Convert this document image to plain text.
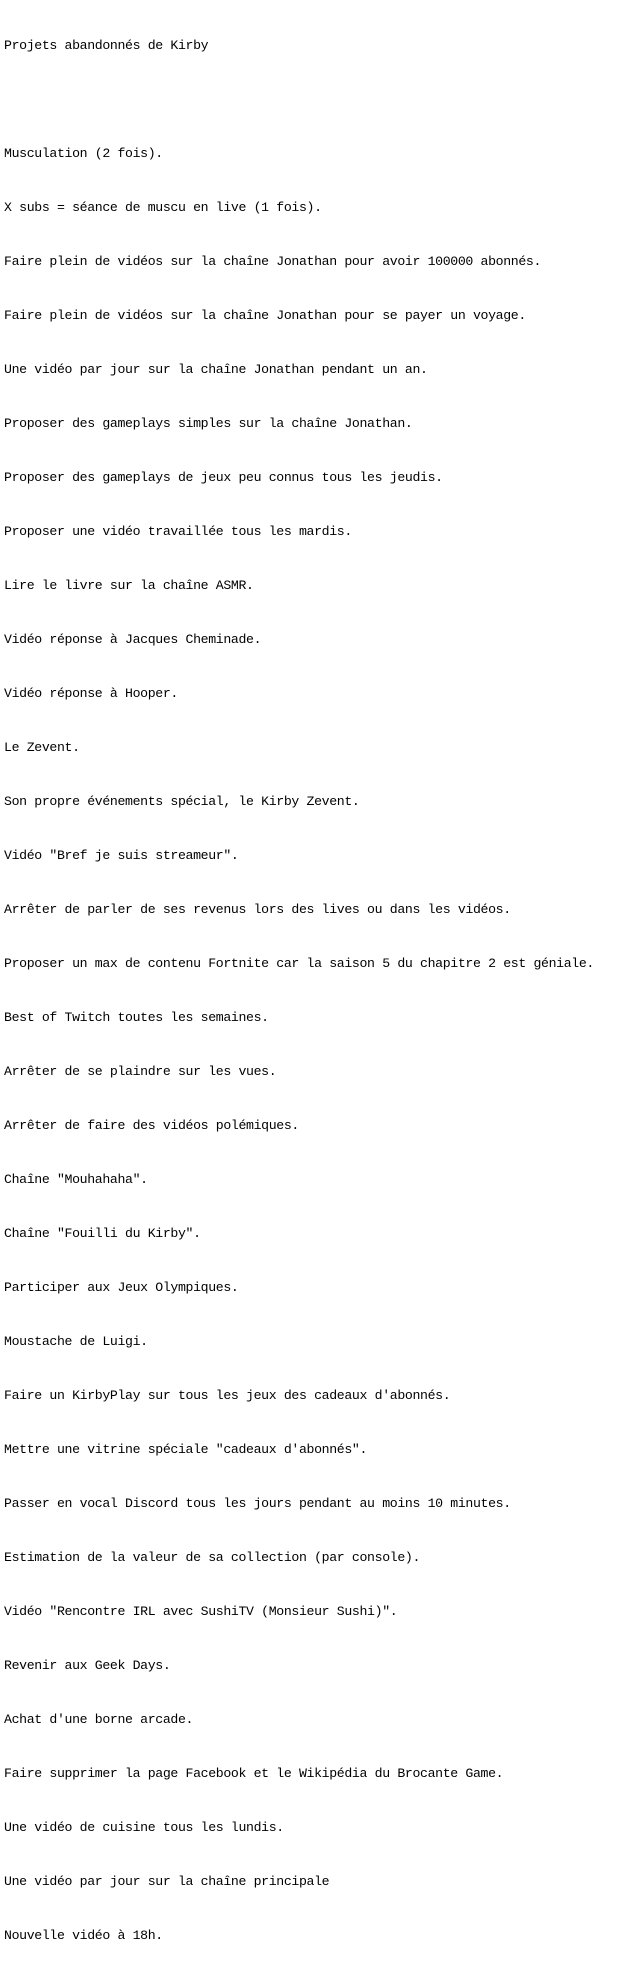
Projets abandonnés de Kirby

Musculation (2 fois).

X subs = séance de muscu en live (1 fois).

Faire plein de vidéos sur la chaîne Jonathan pour avoir 100000 abonnés.

Faire plein de vidéos sur la chaîne Jonathan pour se payer un voyage.

Une vidéo par jour sur la chaîne Jonathan pendant un an.

Proposer des gameplays simples sur la chaîne Jonathan.

Proposer des gameplays de jeux peu connus tous les jeudis.

Proposer une vidéo travaillée tous les mardis.

Lire le livre sur la chaîne ASMR.

Vidéo réponse à Jacques Cheminade.

Vidéo réponse à Hooper.

Le Zevent.

Son propre événements spécial, le Kirby Zevent.

Vidéo "Bref je suis streameur".

Arrêter de parler de ses revenus lors des lives ou dans les vidéos.

Proposer un max de contenu Fortnite car la saison 5 du chapitre 2 est géniale.

Best of Twitch toutes les semaines.

Arrêter de se plaindre sur les vues.

Arrêter de faire des vidéos polémiques.

Chaîne "Mouhahaha".

Chaîne "Fouilli du Kirby".

Participer aux Jeux Olympiques.

Moustache de Luigi.

Faire un KirbyPlay sur tous les jeux des cadeaux d'abonnés.

Mettre une vitrine spéciale "cadeaux d'abonnés".

Passer en vocal Discord tous les jours pendant au moins 10 minutes.

Estimation de la valeur de sa collection (par console).

Vidéo "Rencontre IRL avec SushiTV (Monsieur Sushi)".

Revenir aux Geek Days.

Achat d'une borne arcade.

Faire supprimer la page Facebook et le Wikipédia du Brocante Game.

Une vidéo de cuisine tous les lundis.

Une vidéo par jour sur la chaîne principale

Nouvelle vidéo à 18h.
